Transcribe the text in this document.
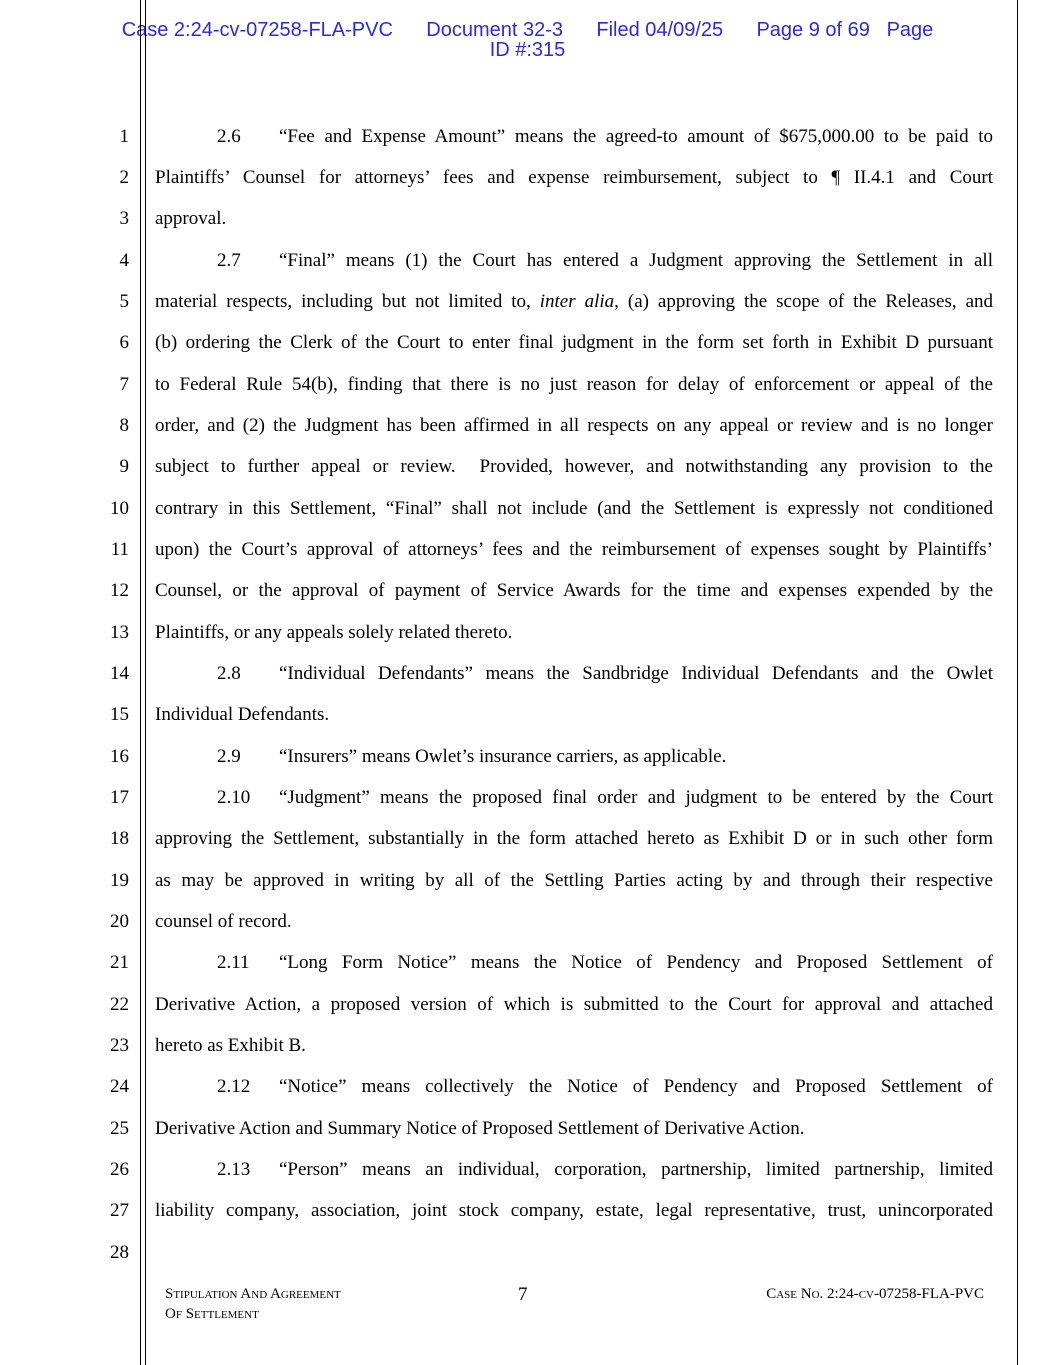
Case 2:24-cv-07258-FLA-PVC Document 32-3 Filed 04/09/25 Page 9 of 69 Page
ID #:315
1
2
3
4
5
6
7
8
9
10
11
12
13
14
15
16
17
18
19
20
21
22
23
24
25
26
27
28
2.6 “Fee and Expense Amount” means the agreed-to amount of $675,000.00 to be paid to
Plaintiffs’ Counsel for attorneys’ fees and expense reimbursement, subject to ¶ II.4.1 and Court
approval.
2.7 “Final” means (1) the Court has entered a Judgment approving the Settlement in all
material respects, including but not limited to, inter alia, (a) approving the scope of the Releases, and
(b) ordering the Clerk of the Court to enter final judgment in the form set forth in Exhibit D pursuant
to Federal Rule 54(b), finding that there is no just reason for delay of enforcement or appeal of the
order, and (2) the Judgment has been affirmed in all respects on any appeal or review and is no longer
subject to further appeal or review.  Provided, however, and notwithstanding any provision to the
contrary in this Settlement, “Final” shall not include (and the Settlement is expressly not conditioned
upon) the Court’s approval of attorneys’ fees and the reimbursement of expenses sought by Plaintiffs’
Counsel, or the approval of payment of Service Awards for the time and expenses expended by the
Plaintiffs, or any appeals solely related thereto.
2.8 “Individual Defendants” means the Sandbridge Individual Defendants and the Owlet
Individual Defendants.
2.9 “Insurers” means Owlet’s insurance carriers, as applicable.
2.10 “Judgment” means the proposed final order and judgment to be entered by the Court
approving the Settlement, substantially in the form attached hereto as Exhibit D or in such other form
as may be approved in writing by all of the Settling Parties acting by and through their respective
counsel of record.
2.11 “Long Form Notice” means the Notice of Pendency and Proposed Settlement of
Derivative Action, a proposed version of which is submitted to the Court for approval and attached
hereto as Exhibit B.
2.12 “Notice” means collectively the Notice of Pendency and Proposed Settlement of
Derivative Action and Summary Notice of Proposed Settlement of Derivative Action.
2.13 “Person” means an individual, corporation, partnership, limited partnership, limited
liability company, association, joint stock company, estate, legal representative, trust, unincorporated
Stipulation And Agreement
Of Settlement
7	Case No. 2:24-cv-07258-FLA-PVC
